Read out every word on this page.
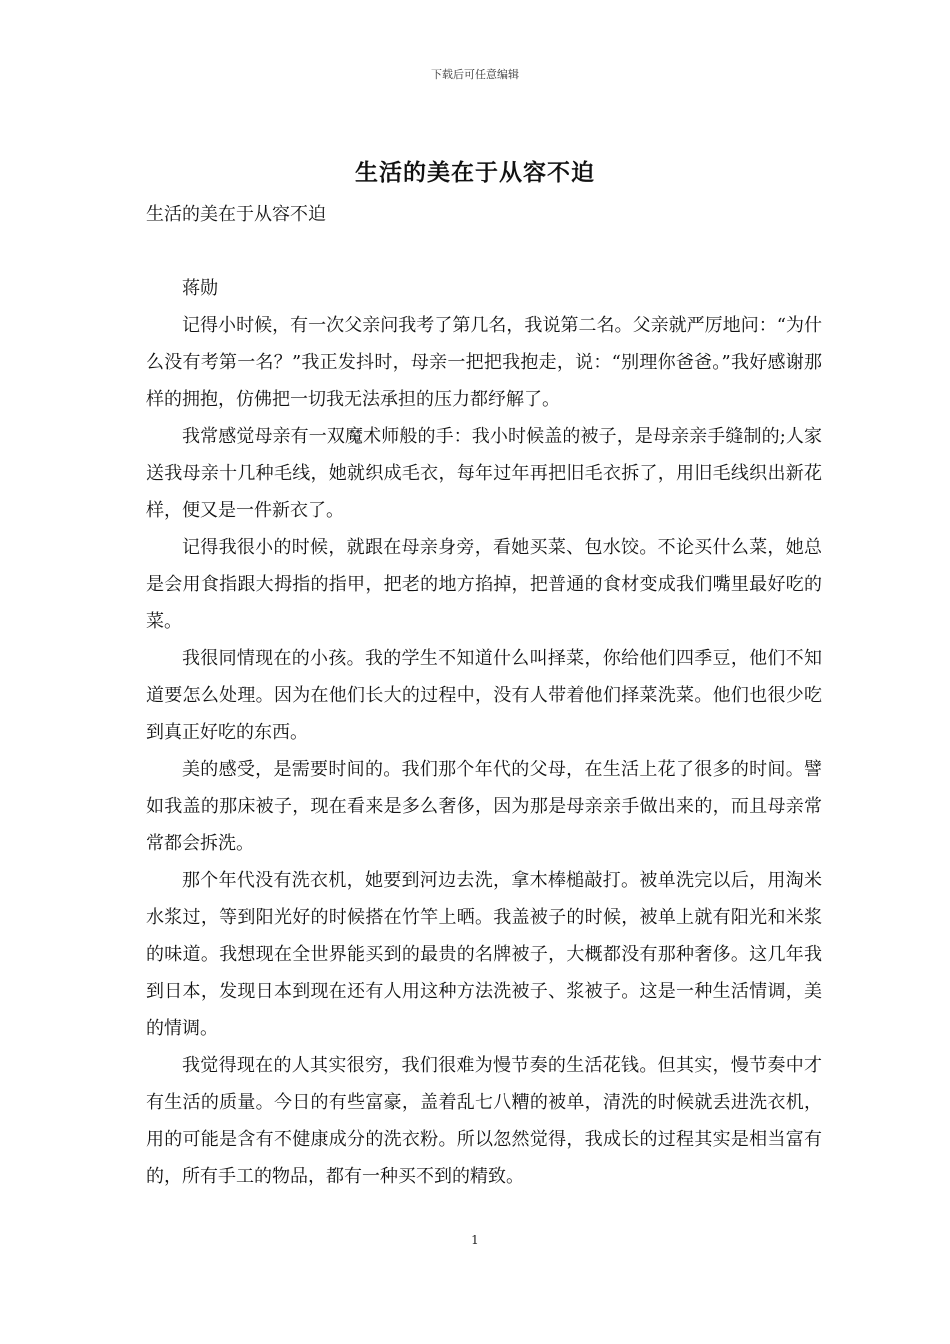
下载后可任意编辑
生活的美在于从容不迫

生活的美在于从容不迫

蒋勋

记得小时候，有一次父亲问我考了第几名，我说第二名。父亲就严厉地问：“为什么没有考第一名？”我正发抖时，母亲一把把我抱走，说：“别理你爸爸。”我好感谢那样的拥抱，仿佛把一切我无法承担的压力都纾解了。

我常感觉母亲有一双魔术师般的手：我小时候盖的被子，是母亲亲手缝制的;人家送我母亲十几种毛线，她就织成毛衣，每年过年再把旧毛衣拆了，用旧毛线织出新花样，便又是一件新衣了。

记得我很小的时候，就跟在母亲身旁，看她买菜、包水饺。不论买什么菜，她总是会用食指跟大拇指的指甲，把老的地方掐掉，把普通的食材变成我们嘴里最好吃的菜。

我很同情现在的小孩。我的学生不知道什么叫择菜，你给他们四季豆，他们不知道要怎么处理。因为在他们长大的过程中，没有人带着他们择菜洗菜。他们也很少吃到真正好吃的东西。

美的感受，是需要时间的。我们那个年代的父母，在生活上花了很多的时间。譬如我盖的那床被子，现在看来是多么奢侈，因为那是母亲亲手做出来的，而且母亲常常都会拆洗。

那个年代没有洗衣机，她要到河边去洗，拿木棒槌敲打。被单洗完以后，用淘米水浆过，等到阳光好的时候搭在竹竿上晒。我盖被子的时候，被单上就有阳光和米浆的味道。我想现在全世界能买到的最贵的名牌被子，大概都没有那种奢侈。这几年我到日本，发现日本到现在还有人用这种方法洗被子、浆被子。这是一种生活情调，美的情调。

我觉得现在的人其实很穷，我们很难为慢节奏的生活花钱。但其实，慢节奏中才有生活的质量。今日的有些富豪，盖着乱七八糟的被单，清洗的时候就丢进洗衣机，用的可能是含有不健康成分的洗衣粉。所以忽然觉得，我成长的过程其实是相当富有的，所有手工的物品，都有一种买不到的精致。

1
